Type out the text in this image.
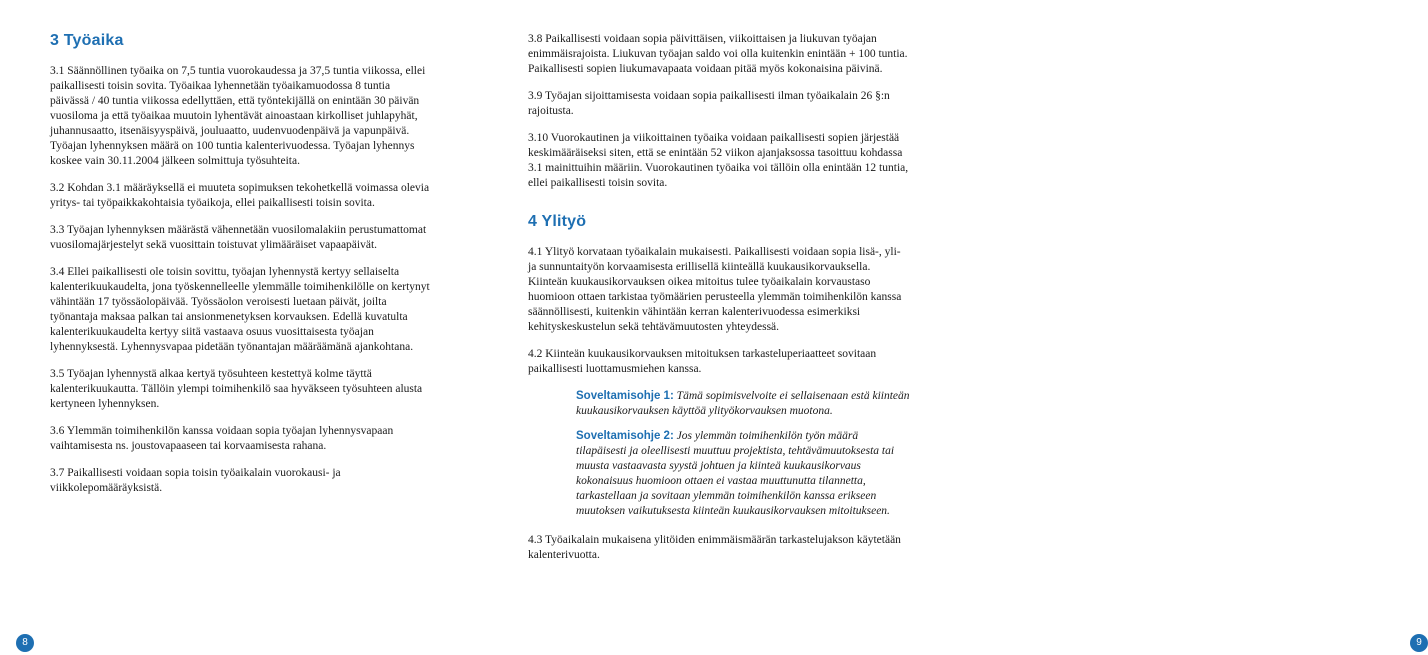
3 Työaika

3.1 Säännöllinen työaika on 7,5 tuntia vuorokaudessa ja 37,5 tuntia viikossa, ellei paikallisesti toisin sovita. Työaikaa lyhennetään työaikamuodossa 8 tuntia päivässä / 40 tuntia viikossa edellyttäen, että työntekijällä on enintään 30 päivän vuosiloma ja että työaikaa muutoin lyhentävät ainoastaan kirkolliset juhlapyhät, juhannusaatto, itsenäisyyspäivä, jouluaatto, uudenvuodenpäivä ja vapunpäivä. Työajan lyhennyksen määrä on 100 tuntia kalenterivuodessa. Työajan lyhennys koskee vain 30.11.2004 jälkeen solmittuja työsuhteita.

3.2 Kohdan 3.1 määräyksellä ei muuteta sopimuksen tekohetkellä voimassa olevia yritys- tai työpaikkakohtaisia työaikoja, ellei paikallisesti toisin sovita.

3.3 Työajan lyhennyksen määrästä vähennetään vuosilomalakiin perustumattomat vuosilomajärjestelyt sekä vuosittain toistuvat ylimääräiset vapaapäivät.

3.4 Ellei paikallisesti ole toisin sovittu, työajan lyhennystä kertyy sellaiselta kalenterikuukaudelta, jona työskennelleelle ylemmälle toimihenkilölle on kertynyt vähintään 17 työssäolopäivää. Työssäolon veroisesti luetaan päivät, joilta työnantaja maksaa palkan tai ansionmenetyksen korvauksen. Edellä kuvatulta kalenterikuukaudelta kertyy siitä vastaava osuus vuosittaisesta työajan lyhennyksestä. Lyhennysvapaa pidetään työnantajan määräämänä ajankohtana.

3.5 Työajan lyhennystä alkaa kertyä työsuhteen kestettyä kolme täyttä kalenterikuukautta. Tällöin ylempi toimihenkilö saa hyväkseen työsuhteen alusta kertyneen lyhennyksen.

3.6 Ylemmän toimihenkilön kanssa voidaan sopia työajan lyhennysvapaan vaihtamisesta ns. joustovapaaseen tai korvaamisesta rahana.

3.7 Paikallisesti voidaan sopia toisin työaikalain vuorokausi- ja viikkolepomääräyksistä.

8

3.8 Paikallisesti voidaan sopia päivittäisen, viikoittaisen ja liukuvan työajan enimmäisrajoista. Liukuvan työajan saldo voi olla kuitenkin enintään + 100 tuntia. Paikallisesti sopien liukumavapaata voidaan pitää myös kokonaisina päivinä.

3.9 Työajan sijoittamisesta voidaan sopia paikallisesti ilman työaikalain 26 §:n rajoitusta.

3.10 Vuorokautinen ja viikoittainen työaika voidaan paikallisesti sopien järjestää keskimääräiseksi siten, että se enintään 52 viikon ajanjaksossa tasoittuu kohdassa 3.1 mainittuihin määriin. Vuorokautinen työaika voi tällöin olla enintään 12 tuntia, ellei paikallisesti toisin sovita.

4 Ylityö

4.1 Ylityö korvataan työaikalain mukaisesti. Paikallisesti voidaan sopia lisä-, yli- ja sunnuntaityön korvaamisesta erillisellä kiinteällä kuukausikorvauksella. Kiinteän kuukausikorvauksen oikea mitoitus tulee työaikalain korvaustaso huomioon ottaen tarkistaa työmäärien perusteella ylemmän toimihenkilön kanssa säännöllisesti, kuitenkin vähintään kerran kalenterivuodessa esimerkiksi kehityskeskustelun sekä tehtävämuutosten yhteydessä.

4.2 Kiinteän kuukausikorvauksen mitoituksen tarkasteluperiaatteet sovitaan paikallisesti luottamusmiehen kanssa.

Soveltamisohje 1: Tämä sopimisvelvoite ei sellaisenaan estä kiinteän kuukausikorvauksen käyttöä ylityökorvauksen muotona.
Soveltamisohje 2: Jos ylemmän toimihenkilön työn määrä tilapäisesti ja oleellisesti muuttuu projektista, tehtävämuutoksesta tai muusta vastaavasta syystä johtuen ja kiinteä kuukausikorvaus kokonaisuus huomioon ottaen ei vastaa muuttunutta tilannetta, tarkastellaan ja sovitaan ylemmän toimihenkilön kanssa erikseen muutoksen vaikutuksesta kiinteän kuukausikorvauksen mitoitukseen.

4.3 Työaikalain mukaisena ylitöiden enimmäismäärän tarkastelujakson käytetään kalenterivuotta.

9
